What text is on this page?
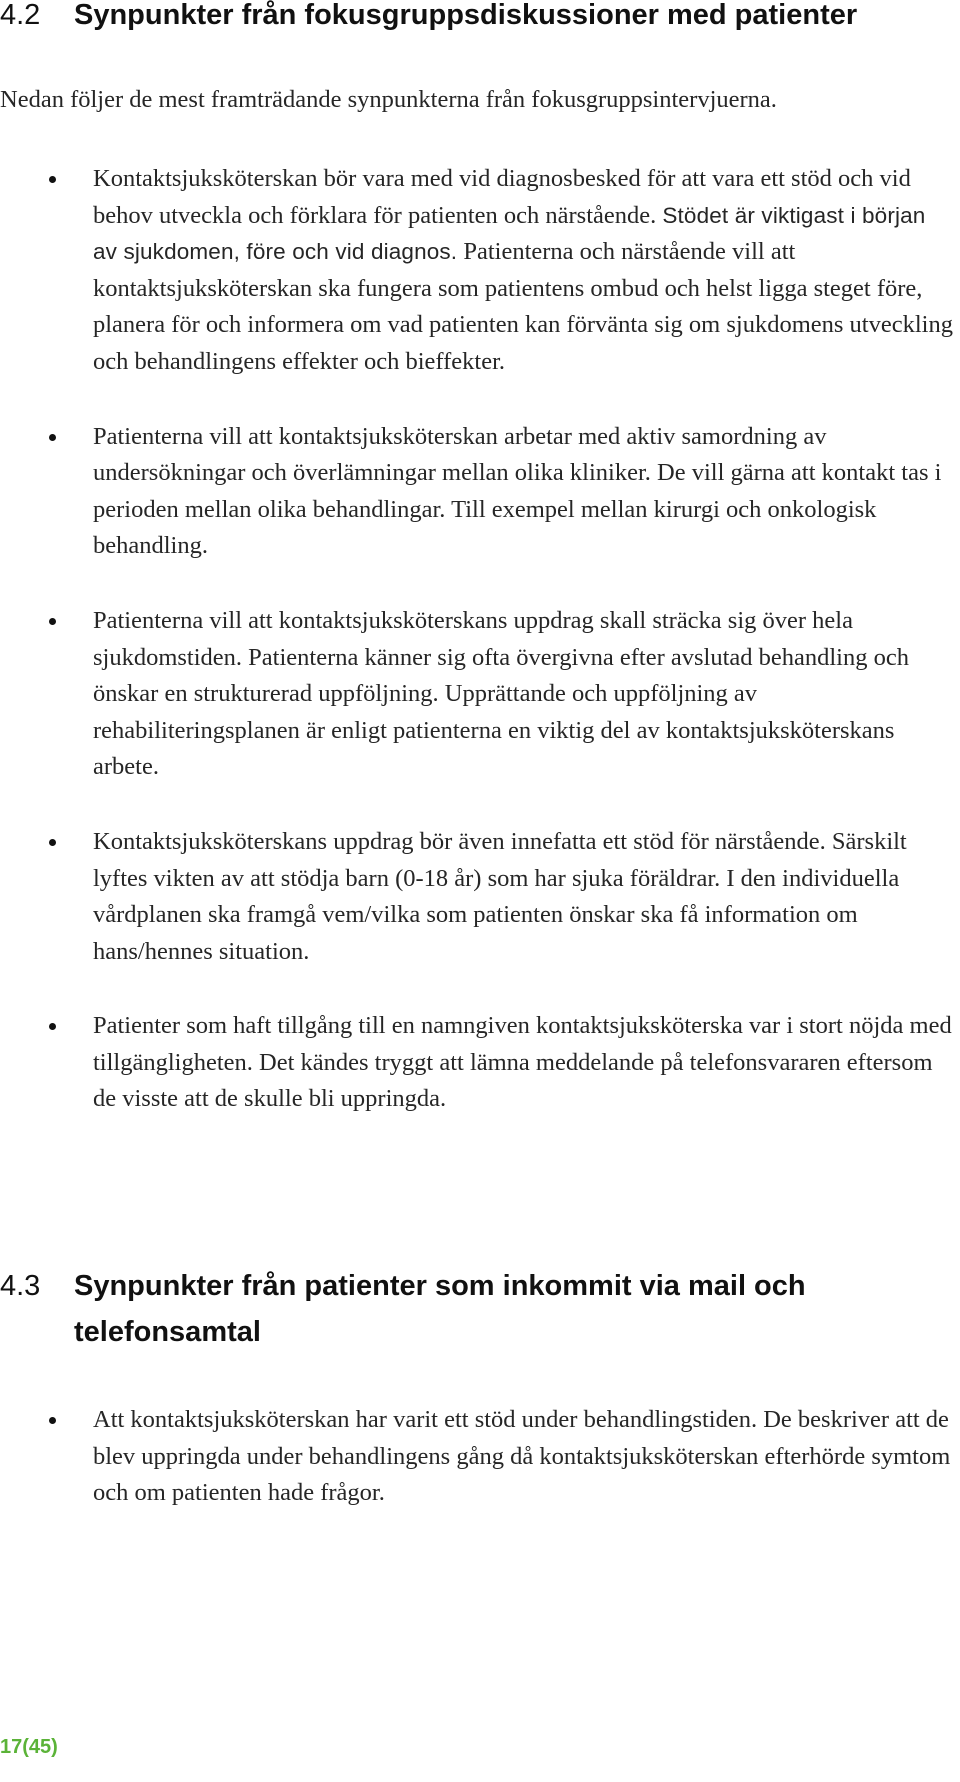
4.2 Synpunkter från fokusgruppsdiskussioner med patienter
Nedan följer de mest framträdande synpunkterna från fokusgruppsintervjuerna.
Kontaktsjuksköterskan bör vara med vid diagnosbesked för att vara ett stöd och vid behov utveckla och förklara för patienten och närstående. Stödet är viktigast i början av sjukdomen, före och vid diagnos. Patienterna och närstående vill att kontaktsjuksköterskan ska fungera som patientens ombud och helst ligga steget före, planera för och informera om vad patienten kan förvänta sig om sjukdomens utveckling och behandlingens effekter och bieffekter.
Patienterna vill att kontaktsjuksköterskan arbetar med aktiv samordning av undersökningar och överlämningar mellan olika kliniker. De vill gärna att kontakt tas i perioden mellan olika behandlingar. Till exempel mellan kirurgi och onkologisk behandling.
Patienterna vill att kontaktsjuksköterskans uppdrag skall sträcka sig över hela sjukdomstiden. Patienterna känner sig ofta övergivna efter avslutad behandling och önskar en strukturerad uppföljning. Upprättande och uppföljning av rehabiliteringsplanen är enligt patienterna en viktig del av kontaktsjuksköterskans arbete.
Kontaktsjuksköterskans uppdrag bör även innefatta ett stöd för närstående. Särskilt lyftes vikten av att stödja barn (0-18 år) som har sjuka föräldrar. I den individuella vårdplanen ska framgå vem/vilka som patienten önskar ska få information om hans/hennes situation.
Patienter som haft tillgång till en namngiven kontaktsjuksköterska var i stort nöjda med tillgängligheten. Det kändes tryggt att lämna meddelande på telefonsvararen eftersom de visste att de skulle bli uppringda.
4.3 Synpunkter från patienter som inkommit via mail och telefonsamtal
Att kontaktsjuksköterskan har varit ett stöd under behandlingstiden. De beskriver att de blev uppringda under behandlingens gång då kontaktsjuksköterskan efterhörde symtom och om patienten hade frågor.
17(45)
